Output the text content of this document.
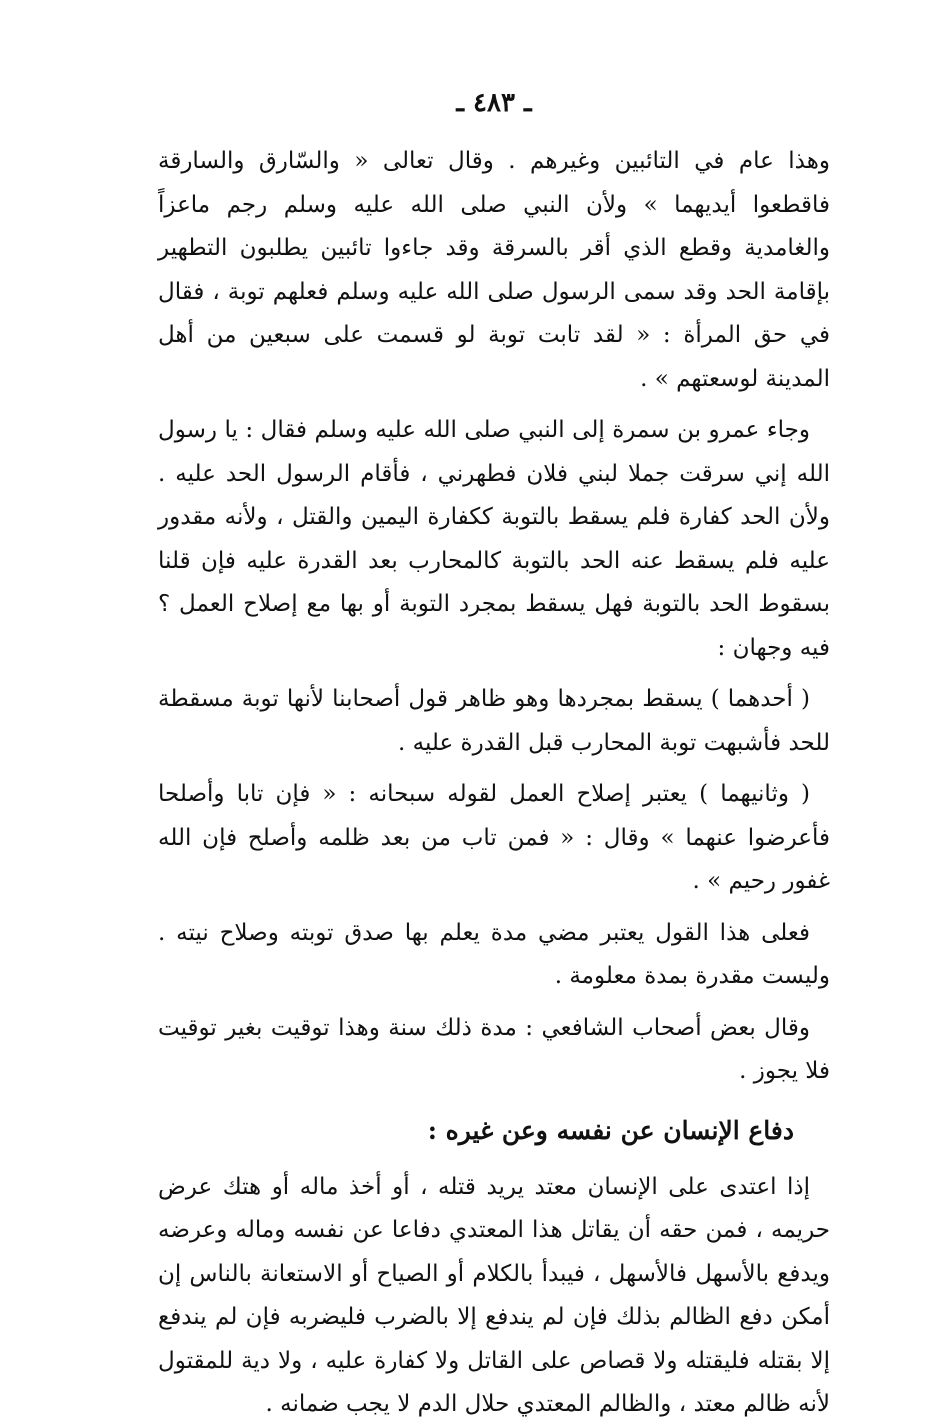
ـ ٤٨٣ ـ

وهذا عام في التائبين وغيرهم . وقال تعالى « والسّارق والسارقة فاقطعوا أيديهما » ولأن النبي صلى الله عليه وسلم رجم ماعزاً والغامدية وقطع الذي أقر بالسرقة وقد جاءوا تائبين يطلبون التطهير بإقامة الحد وقد سمى الرسول صلى الله عليه وسلم فعلهم توبة ، فقال في حق المرأة : « لقد تابت توبة لو قسمت على سبعين من أهل المدينة لوسعتهم » .

وجاء عمرو بن سمرة إلى النبي صلى الله عليه وسلم فقال : يا رسول الله إني سرقت جملا لبني فلان فطهرني ، فأقام الرسول الحد عليه . ولأن الحد كفارة فلم يسقط بالتوبة ككفارة اليمين والقتل ، ولأنه مقدور عليه فلم يسقط عنه الحد بالتوبة كالمحارب بعد القدرة عليه فإن قلنا بسقوط الحد بالتوبة فهل يسقط بمجرد التوبة أو بها مع إصلاح العمل ؟ فيه وجهان :

( أحدهما ) يسقط بمجردها وهو ظاهر قول أصحابنا لأنها توبة مسقطة للحد فأشبهت توبة المحارب قبل القدرة عليه .

( وثانيهما ) يعتبر إصلاح العمل لقوله سبحانه : « فإن تابا وأصلحا فأعرضوا عنهما » وقال : « فمن تاب من بعد ظلمه وأصلح فإن الله غفور رحيم » .

فعلى هذا القول يعتبر مضي مدة يعلم بها صدق توبته وصلاح نيته . وليست مقدرة بمدة معلومة .

وقال بعض أصحاب الشافعي : مدة ذلك سنة وهذا توقيت بغير توقيت فلا يجوز .

دفاع الإنسان عن نفسه وعن غيره :

إذا اعتدى على الإنسان معتد يريد قتله ، أو أخذ ماله أو هتك عرض حريمه ، فمن حقه أن يقاتل هذا المعتدي دفاعا عن نفسه وماله وعرضه ويدفع بالأسهل فالأسهل ، فيبدأ بالكلام أو الصياح أو الاستعانة بالناس إن أمكن دفع الظالم بذلك فإن لم يندفع إلا بالضرب فليضربه فإن لم يندفع إلا بقتله فليقتله ولا قصاص على القاتل ولا كفارة عليه ، ولا دية للمقتول لأنه ظالم معتد ، والظالم المعتدي حلال الدم لا يجب ضمانه .
